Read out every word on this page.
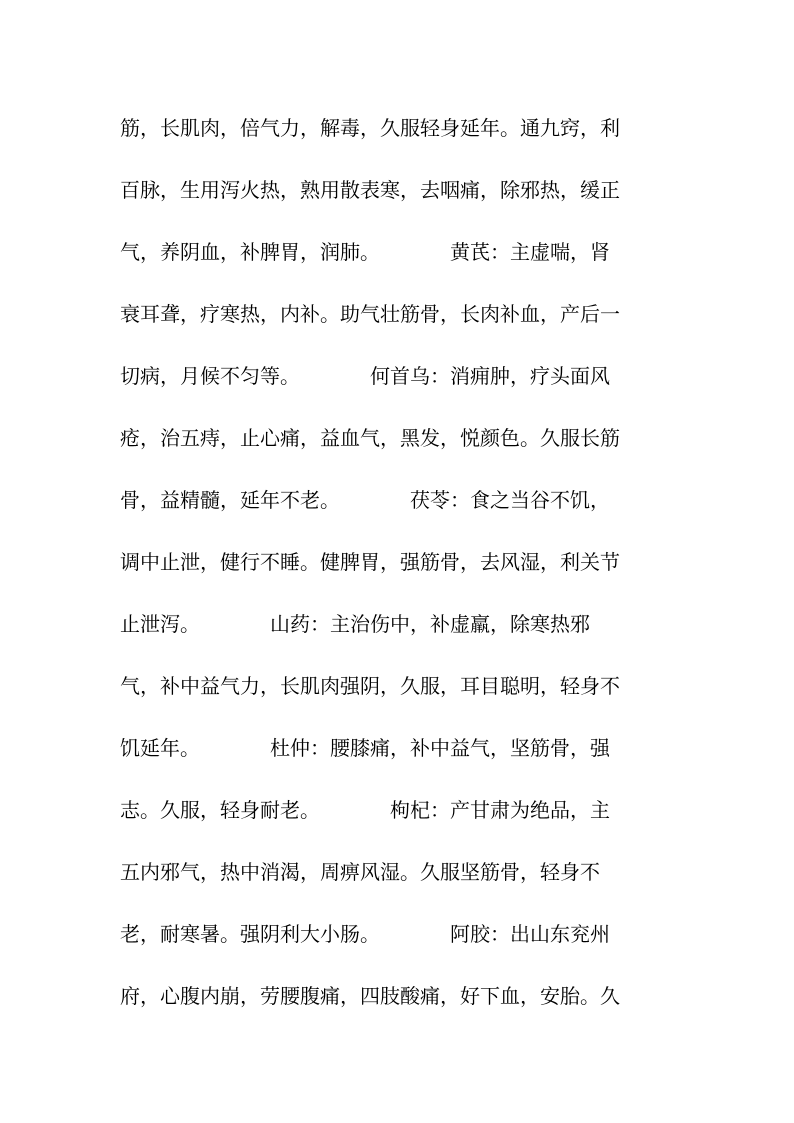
筋，长肌肉，倍气力，解毒，久服轻身延年。通九窍，利
百脉，生用泻火热，熟用散表寒，去咽痛，除邪热，缓正
气，养阴血，补脾胃，润肺。　　　　黄芪：主虚喘，肾
衰耳聋，疗寒热，内补。助气壮筋骨，长肉补血，产后一
切病，月候不匀等。　　　　何首乌：消痈肿，疗头面风
疮，治五痔，止心痛，益血气，黑发，悦颜色。久服长筋
骨，益精髓，延年不老。　　　　茯苓：食之当谷不饥，
调中止泄，健行不睡。健脾胃，强筋骨，去风湿，利关节
止泄泻。　　　　山药：主治伤中，补虚羸，除寒热邪
气，补中益气力，长肌肉强阴，久服，耳目聪明，轻身不
饥延年。　　　　杜仲：腰膝痛，补中益气，坚筋骨，强
志。久服，轻身耐老。　　　　枸杞：产甘肃为绝品，主
五内邪气，热中消渴，周痹风湿。久服坚筋骨，轻身不
老，耐寒暑。强阴利大小肠。　　　　阿胶：出山东兖州
府，心腹内崩，劳腰腹痛，四肢酸痛，好下血，安胎。久
